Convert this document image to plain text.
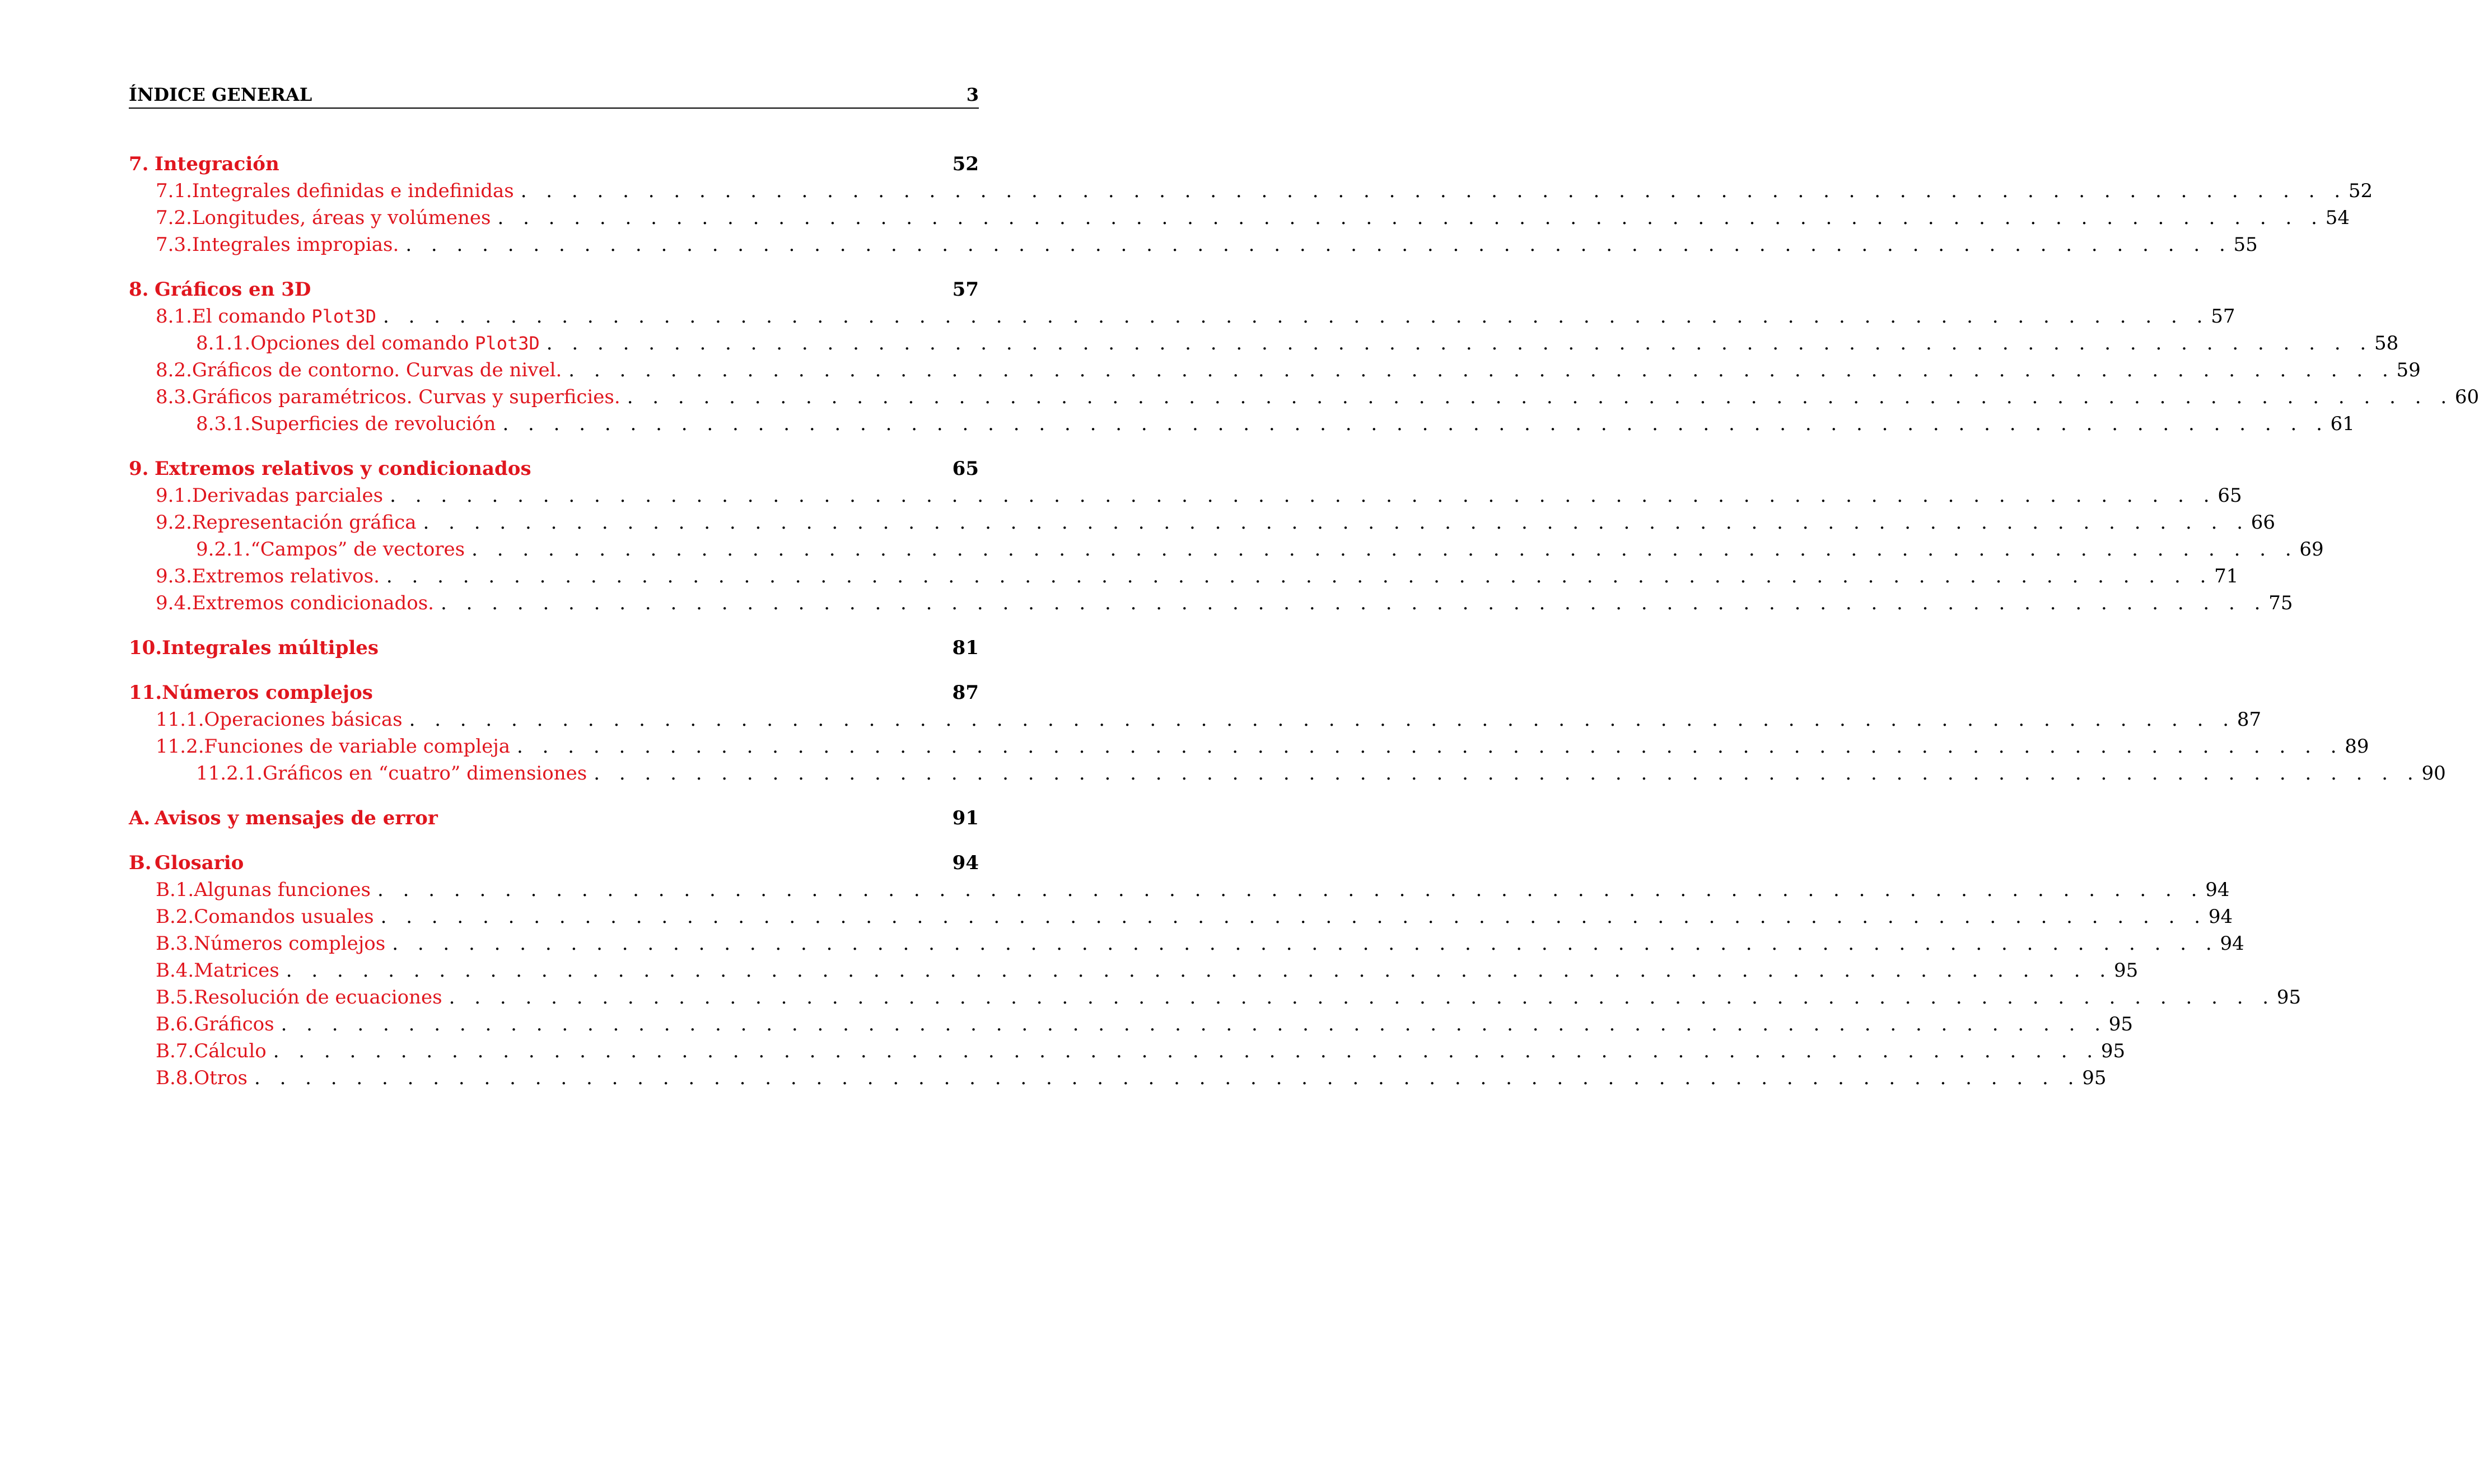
ÍNDICE GENERAL	3
7. Integración	52
7.1. Integrales definidas e indefinidas . . . . . . . . . . . . . . . . . . . . . . . . . . . . . . . . . . . . . . . . . . . . . . . . . . . . . . . . . . . . . . . . . . . . . . . . 52
7.2. Longitudes, áreas y volúmenes . . . . . . . . . . . . . . . . . . . . . . . . . . . . . . . . . . . . . . . . . . . . . . . . . . . . . . . . . . . . . . . . . . . . . . . . 54
7.3. Integrales impropias. . . . . . . . . . . . . . . . . . . . . . . . . . . . . . . . . . . . . . . . . . . . . . . . . . . . . . . . . . . . . . . . . . . . . . . . . 55
8. Gráficos en 3D	57
8.1. El comando Plot3D . . . . . . . . . . . . . . . . . . . . . . . . . . . . . . . . . . . . . . . . . . . . . . . . . . . . . . . . . . . . . . . . . . . . . . . . 57
8.1.1. Opciones del comando Plot3D . . . . . . . . . . . . . . . . . . . . . . . . . . . . . . . . . . . . . . . . . . . . . . . . . . . . . . . . . . . . . . . . . . . . . . . . 58
8.2. Gráficos de contorno. Curvas de nivel. . . . . . . . . . . . . . . . . . . . . . . . . . . . . . . . . . . . . . . . . . . . . . . . . . . . . . . . . . . . . . . . . . . . . . . . . 59
8.3. Gráficos paramétricos. Curvas y superficies. . . . . . . . . . . . . . . . . . . . . . . . . . . . . . . . . . . . . . . . . . . . . . . . . . . . . . . . . . . . . . . . . . . . . . . . . 60
8.3.1. Superficies de revolución . . . . . . . . . . . . . . . . . . . . . . . . . . . . . . . . . . . . . . . . . . . . . . . . . . . . . . . . . . . . . . . . . . . . . . . . 61
9. Extremos relativos y condicionados	65
9.1. Derivadas parciales . . . . . . . . . . . . . . . . . . . . . . . . . . . . . . . . . . . . . . . . . . . . . . . . . . . . . . . . . . . . . . . . . . . . . . . . 65
9.2. Representación gráfica . . . . . . . . . . . . . . . . . . . . . . . . . . . . . . . . . . . . . . . . . . . . . . . . . . . . . . . . . . . . . . . . . . . . . . . . 66
9.2.1. “Campos” de vectores . . . . . . . . . . . . . . . . . . . . . . . . . . . . . . . . . . . . . . . . . . . . . . . . . . . . . . . . . . . . . . . . . . . . . . . . 69
9.3. Extremos relativos. . . . . . . . . . . . . . . . . . . . . . . . . . . . . . . . . . . . . . . . . . . . . . . . . . . . . . . . . . . . . . . . . . . . . . . . . 71
9.4. Extremos condicionados. . . . . . . . . . . . . . . . . . . . . . . . . . . . . . . . . . . . . . . . . . . . . . . . . . . . . . . . . . . . . . . . . . . . . . . . . 75
10. Integrales múltiples	81
11. Números complejos	87
11.1. Operaciones básicas . . . . . . . . . . . . . . . . . . . . . . . . . . . . . . . . . . . . . . . . . . . . . . . . . . . . . . . . . . . . . . . . . . . . . . . . 87
11.2. Funciones de variable compleja . . . . . . . . . . . . . . . . . . . . . . . . . . . . . . . . . . . . . . . . . . . . . . . . . . . . . . . . . . . . . . . . . . . . . . . . 89
11.2.1. Gráficos en “cuatro” dimensiones . . . . . . . . . . . . . . . . . . . . . . . . . . . . . . . . . . . . . . . . . . . . . . . . . . . . . . . . . . . . . . . . . . . . . . . . 90
A. Avisos y mensajes de error	91
B. Glosario	94
B.1. Algunas funciones . . . . . . . . . . . . . . . . . . . . . . . . . . . . . . . . . . . . . . . . . . . . . . . . . . . . . . . . . . . . . . . . . . . . . . . . 94
B.2. Comandos usuales . . . . . . . . . . . . . . . . . . . . . . . . . . . . . . . . . . . . . . . . . . . . . . . . . . . . . . . . . . . . . . . . . . . . . . . . 94
B.3. Números complejos . . . . . . . . . . . . . . . . . . . . . . . . . . . . . . . . . . . . . . . . . . . . . . . . . . . . . . . . . . . . . . . . . . . . . . . . 94
B.4. Matrices . . . . . . . . . . . . . . . . . . . . . . . . . . . . . . . . . . . . . . . . . . . . . . . . . . . . . . . . . . . . . . . . . . . . . . . . 95
B.5. Resolución de ecuaciones . . . . . . . . . . . . . . . . . . . . . . . . . . . . . . . . . . . . . . . . . . . . . . . . . . . . . . . . . . . . . . . . . . . . . . . . 95
B.6. Gráficos . . . . . . . . . . . . . . . . . . . . . . . . . . . . . . . . . . . . . . . . . . . . . . . . . . . . . . . . . . . . . . . . . . . . . . . . 95
B.7. Cálculo . . . . . . . . . . . . . . . . . . . . . . . . . . . . . . . . . . . . . . . . . . . . . . . . . . . . . . . . . . . . . . . . . . . . . . . . 95
B.8. Otros . . . . . . . . . . . . . . . . . . . . . . . . . . . . . . . . . . . . . . . . . . . . . . . . . . . . . . . . . . . . . . . . . . . . . . . . 95
